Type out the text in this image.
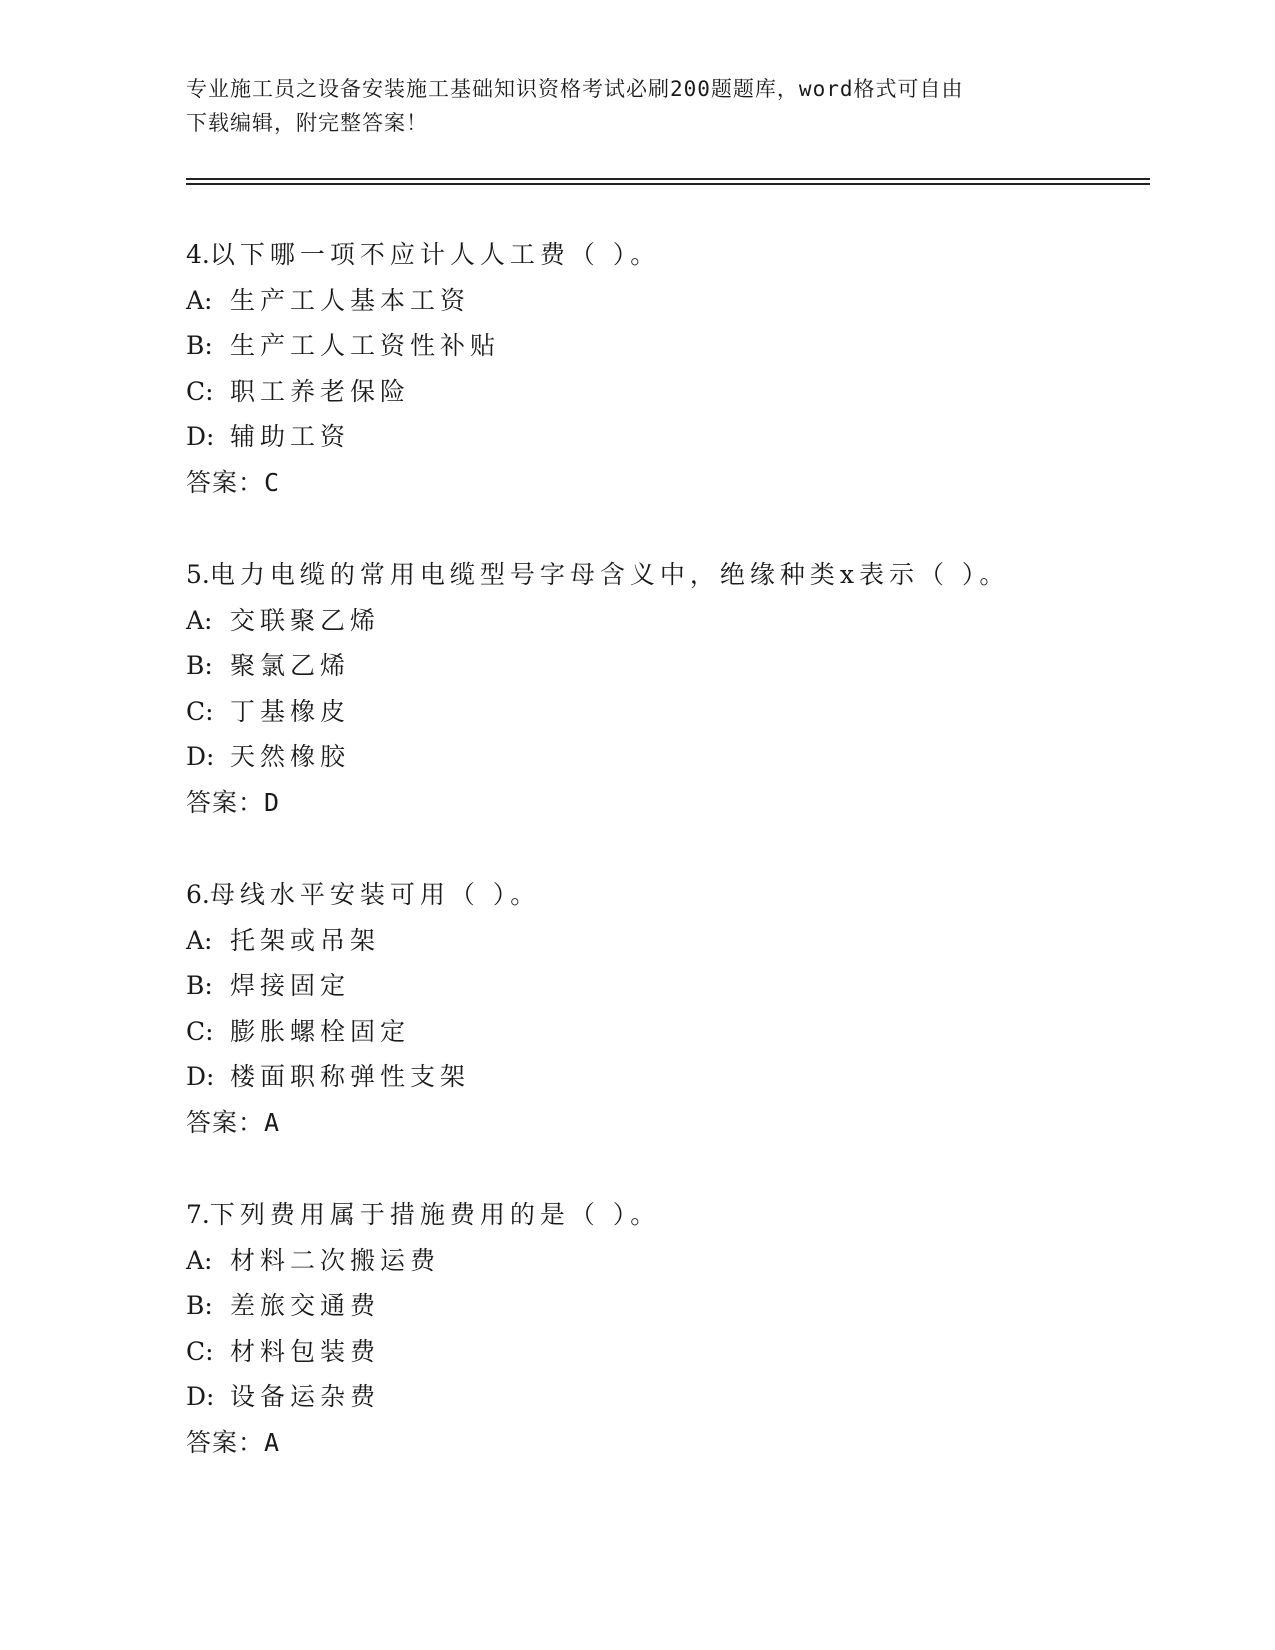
专业施工员之设备安装施工基础知识资格考试必刷200题题库，word格式可自由
下载编辑，附完整答案！
4.以下哪一项不应计人人工费（ ）。
A: 生产工人基本工资
B: 生产工人工资性补贴
C: 职工养老保险
D: 辅助工资
答案：C
5.电力电缆的常用电缆型号字母含义中，绝缘种类x表示（ ）。
A: 交联聚乙烯
B: 聚氯乙烯
C: 丁基橡皮
D: 天然橡胶
答案：D
6.母线水平安装可用（ ）。
A: 托架或吊架
B: 焊接固定
C: 膨胀螺栓固定
D: 楼面职称弹性支架
答案：A
7.下列费用属于措施费用的是（ ）。
A: 材料二次搬运费
B: 差旅交通费
C: 材料包装费
D: 设备运杂费
答案：A
